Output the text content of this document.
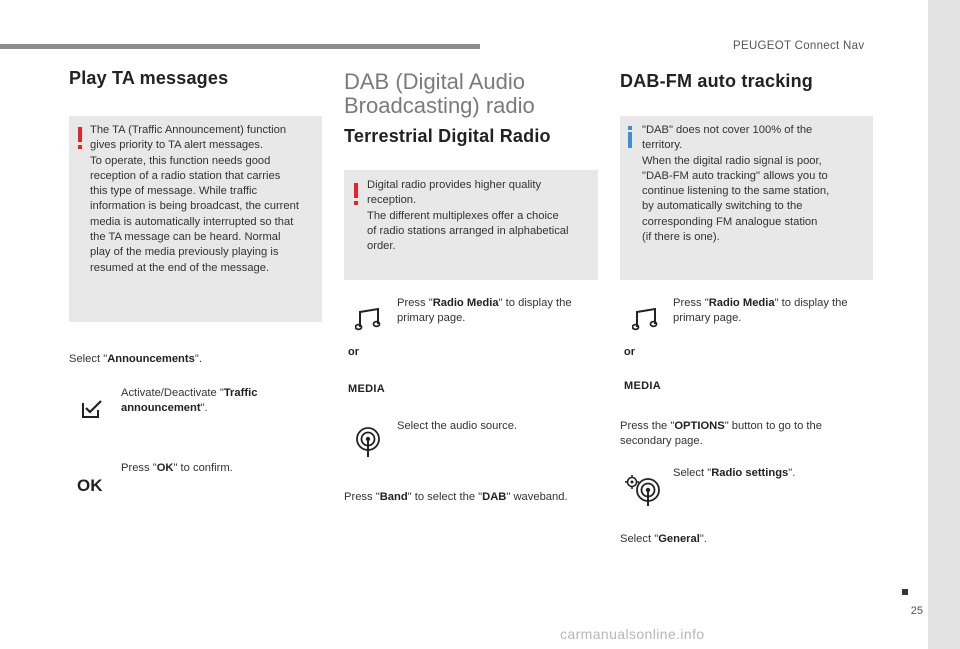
PEUGEOT Connect Nav
25
carmanualsonline.info
Play TA messages
The TA (Traffic Announcement) function
gives priority to TA alert messages.
To operate, this function needs good
reception of a radio station that carries
this type of message. While traffic
information is being broadcast, the current
media is automatically interrupted so that
the TA message can be heard. Normal
play of the media previously playing is
resumed at the end of the message.
Select "Announcements".
Activate/Deactivate "Traffic
announcement".
OK
Press "OK" to confirm.
DAB (Digital Audio
Broadcasting) radio
Terrestrial Digital Radio
Digital radio provides higher quality
reception.
The different multiplexes offer a choice
of radio stations arranged in alphabetical
order.
Press "Radio Media" to display the
primary page.
or
MEDIA
Select the audio source.
Press "Band" to select the "DAB" waveband.
DAB-FM auto tracking
"DAB" does not cover 100% of the
territory.
When the digital radio signal is poor,
"DAB-FM auto tracking" allows you to
continue listening to the same station,
by automatically switching to the
corresponding FM analogue station
(if there is one).
Press "Radio Media" to display the
primary page.
or
MEDIA
Press the "OPTIONS" button to go to the
secondary page.
Select "Radio settings".
Select "General".
